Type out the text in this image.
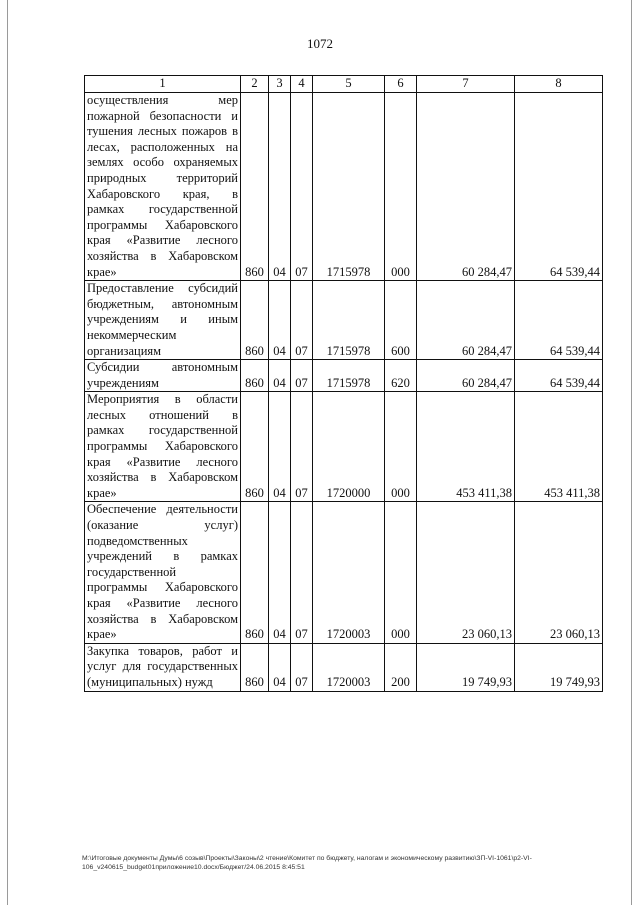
1072
1	2	3	4	5	6	7	8
осуществления мер пожарной безопасности и тушения лесных пожаров в лесах, расположенных на землях особо охраняемых природных территорий Хабаровского края, в рамках государственной программы Хабаровского края «Развитие лесного хозяйства в Хабаровском крае»	860	04	07	1715978	000	60 284,47	64 539,44
Предоставление субсидий бюджетным, автономным учреждениям и иным некоммерческим организациям	860	04	07	1715978	600	60 284,47	64 539,44
Субсидии автономным учреждениям	860	04	07	1715978	620	60 284,47	64 539,44
Мероприятия в области лесных отношений в рамках государственной программы Хабаровского края «Развитие лесного хозяйства в Хабаровском крае»	860	04	07	1720000	000	453 411,38	453 411,38
Обеспечение деятельности (оказание услуг) подведомственных учреждений в рамках государственной программы Хабаровского края «Развитие лесного хозяйства в Хабаровском крае»	860	04	07	1720003	000	23 060,13	23 060,13
Закупка товаров, работ и услуг для государственных (муниципальных) нужд	860	04	07	1720003	200	19 749,93	19 749,93
M:\Итоговые документы Думы\6 созыв\Проекты\Законы\2 чтение\Комитет по бюджету, налогам и экономическому развитию\ЗП-VI-1061\р2-VI-106_v240615_budget01приложение10.docx/Бюджет/24.06.2015 8:45:51
